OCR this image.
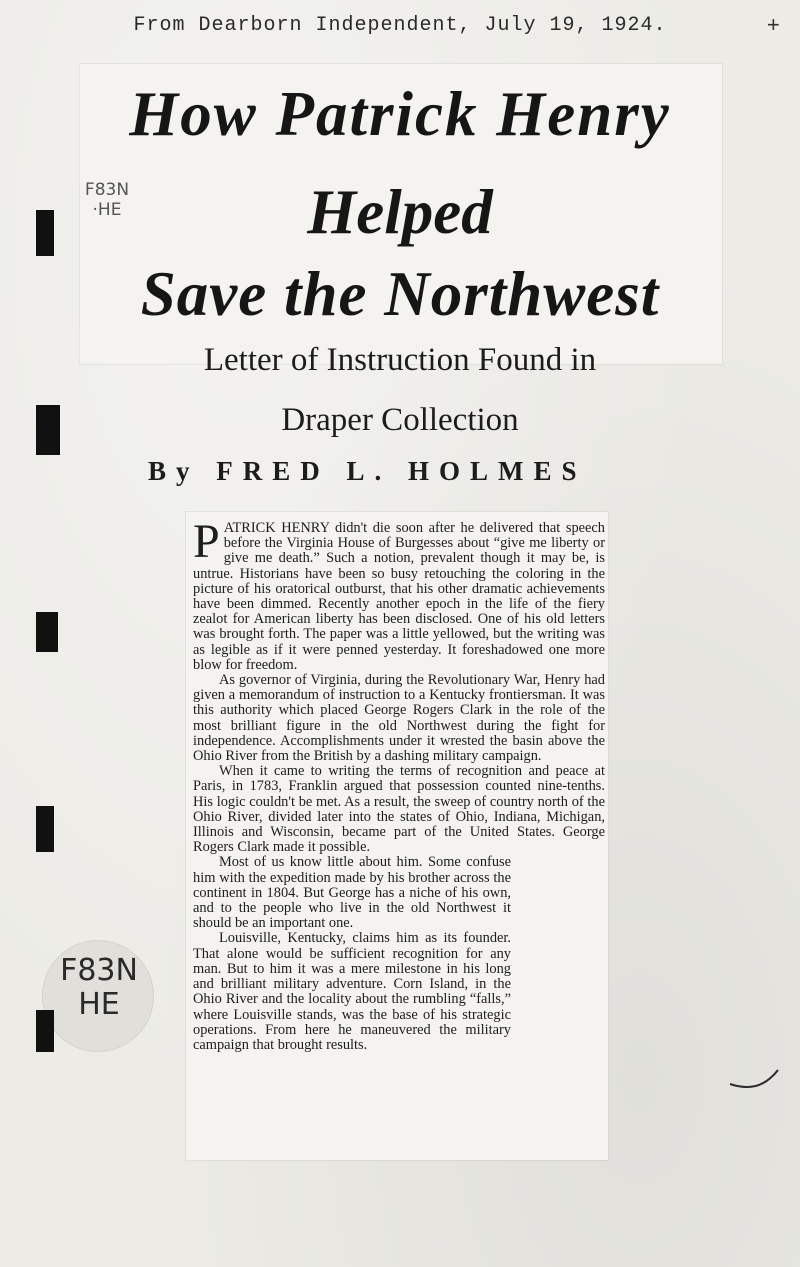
From Dearborn Independent, July 19, 1924.	+
How Patrick Henry
Helped
Save the Northwest
Letter of Instruction Found in
Draper Collection
By FRED L. HOLMES

PATRICK HENRY didn't die soon after he delivered that speech before the Virginia House of Burgesses about “give me liberty or give me death.” Such a notion, prevalent though it may be, is untrue. Historians have been so busy retouching the coloring in the picture of his oratorical outburst, that his other dramatic achievements have been dimmed. Recently another epoch in the life of the fiery zealot for American liberty has been disclosed. One of his old letters was brought forth. The paper was a little yellowed, but the writing was as legible as if it were penned yesterday. It foreshadowed one more blow for freedom.

As governor of Virginia, during the Revolutionary War, Henry had given a memorandum of instruction to a Kentucky frontiersman. It was this authority which placed George Rogers Clark in the role of the most brilliant figure in the old Northwest during the fight for independence. Accomplishments under it wrested the basin above the Ohio River from the British by a dashing military campaign.

When it came to writing the terms of recognition and peace at Paris, in 1783, Franklin argued that possession counted nine-tenths. His logic couldn't be met. As a result, the sweep of country north of the Ohio River, divided later into the states of Ohio, Indiana, Michigan, Illinois and Wisconsin, became part of the United States. George Rogers Clark made it possible.

Most of us know little about him. Some confuse him with the expedition made by his brother across the continent in 1804. But George has a niche of his own, and to the people who live in the old Northwest it should be an important one.

Louisville, Kentucky, claims him as its founder. That alone would be sufficient recognition for any man. But to him it was a mere milestone in his long and brilliant military adventure. Corn Island, in the Ohio River and the locality about the rumbling “falls,” where Louisville stands, was the base of his strategic operations. From here he maneuvered the military campaign that brought results.

F83N
·HE
F83N
HE
